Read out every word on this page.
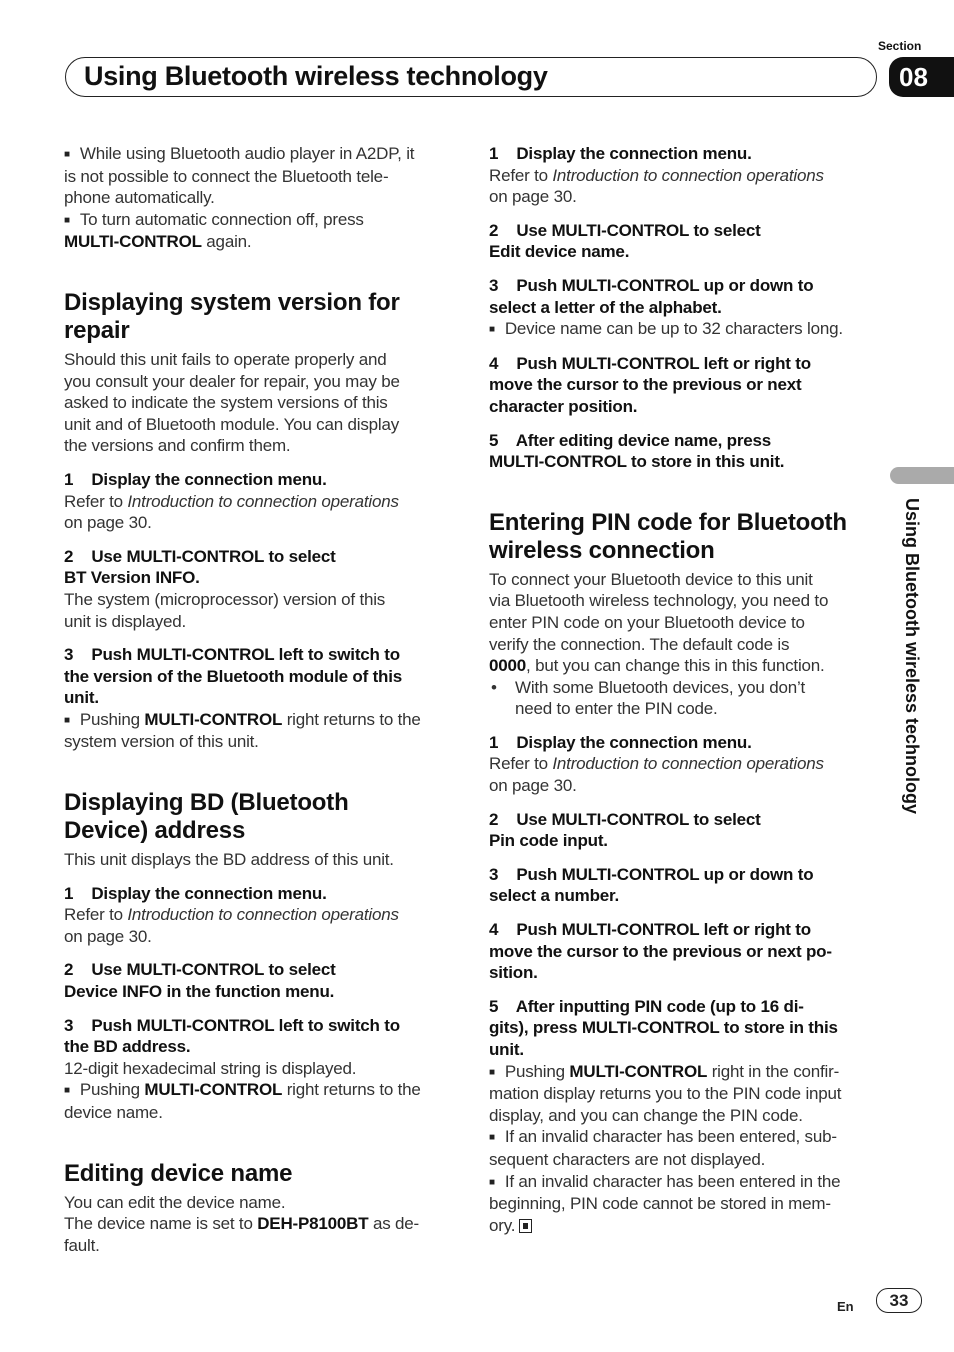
Section
Using Bluetooth wireless technology	08
Using Bluetooth wireless technology
■ While using Bluetooth audio player in A2DP, it
is not possible to connect the Bluetooth tele-
phone automatically.
■ To turn automatic connection off, press
MULTI-CONTROL again.
Displaying system version for
repair
Should this unit fails to operate properly and
you consult your dealer for repair, you may be
asked to indicate the system versions of this
unit and of Bluetooth module. You can display
the versions and confirm them.
1    Display the connection menu.
Refer to Introduction to connection operations
on page 30.
2    Use MULTI-CONTROL to select
BT Version INFO.
The system (microprocessor) version of this
unit is displayed.
3    Push MULTI-CONTROL left to switch to
the version of the Bluetooth module of this
unit.
■ Pushing MULTI-CONTROL right returns to the
system version of this unit.
Displaying BD (Bluetooth
Device) address
This unit displays the BD address of this unit.
1    Display the connection menu.
Refer to Introduction to connection operations
on page 30.
2    Use MULTI-CONTROL to select
Device INFO in the function menu.
3    Push MULTI-CONTROL left to switch to
the BD address.
12-digit hexadecimal string is displayed.
■ Pushing MULTI-CONTROL right returns to the
device name.
Editing device name
You can edit the device name.
The device name is set to DEH-P8100BT as de-
fault.
1    Display the connection menu.
Refer to Introduction to connection operations
on page 30.
2    Use MULTI-CONTROL to select
Edit device name.
3    Push MULTI-CONTROL up or down to
select a letter of the alphabet.
■ Device name can be up to 32 characters long.
4    Push MULTI-CONTROL left or right to
move the cursor to the previous or next
character position.
5    After editing device name, press
MULTI-CONTROL to store in this unit.
Entering PIN code for Bluetooth
wireless connection
To connect your Bluetooth device to this unit
via Bluetooth wireless technology, you need to
enter PIN code on your Bluetooth device to
verify the connection. The default code is
0000, but you can change this in this function.
• With some Bluetooth devices, you don’t
need to enter the PIN code.
1    Display the connection menu.
Refer to Introduction to connection operations
on page 30.
2    Use MULTI-CONTROL to select
Pin code input.
3    Push MULTI-CONTROL up or down to
select a number.
4    Push MULTI-CONTROL left or right to
move the cursor to the previous or next po-
sition.
5    After inputting PIN code (up to 16 di-
gits), press MULTI-CONTROL to store in this
unit.
■ Pushing MULTI-CONTROL right in the confir-
mation display returns you to the PIN code input
display, and you can change the PIN code.
■ If an invalid character has been entered, sub-
sequent characters are not displayed.
■ If an invalid character has been entered in the
beginning, PIN code cannot be stored in mem-
ory.
En	33
